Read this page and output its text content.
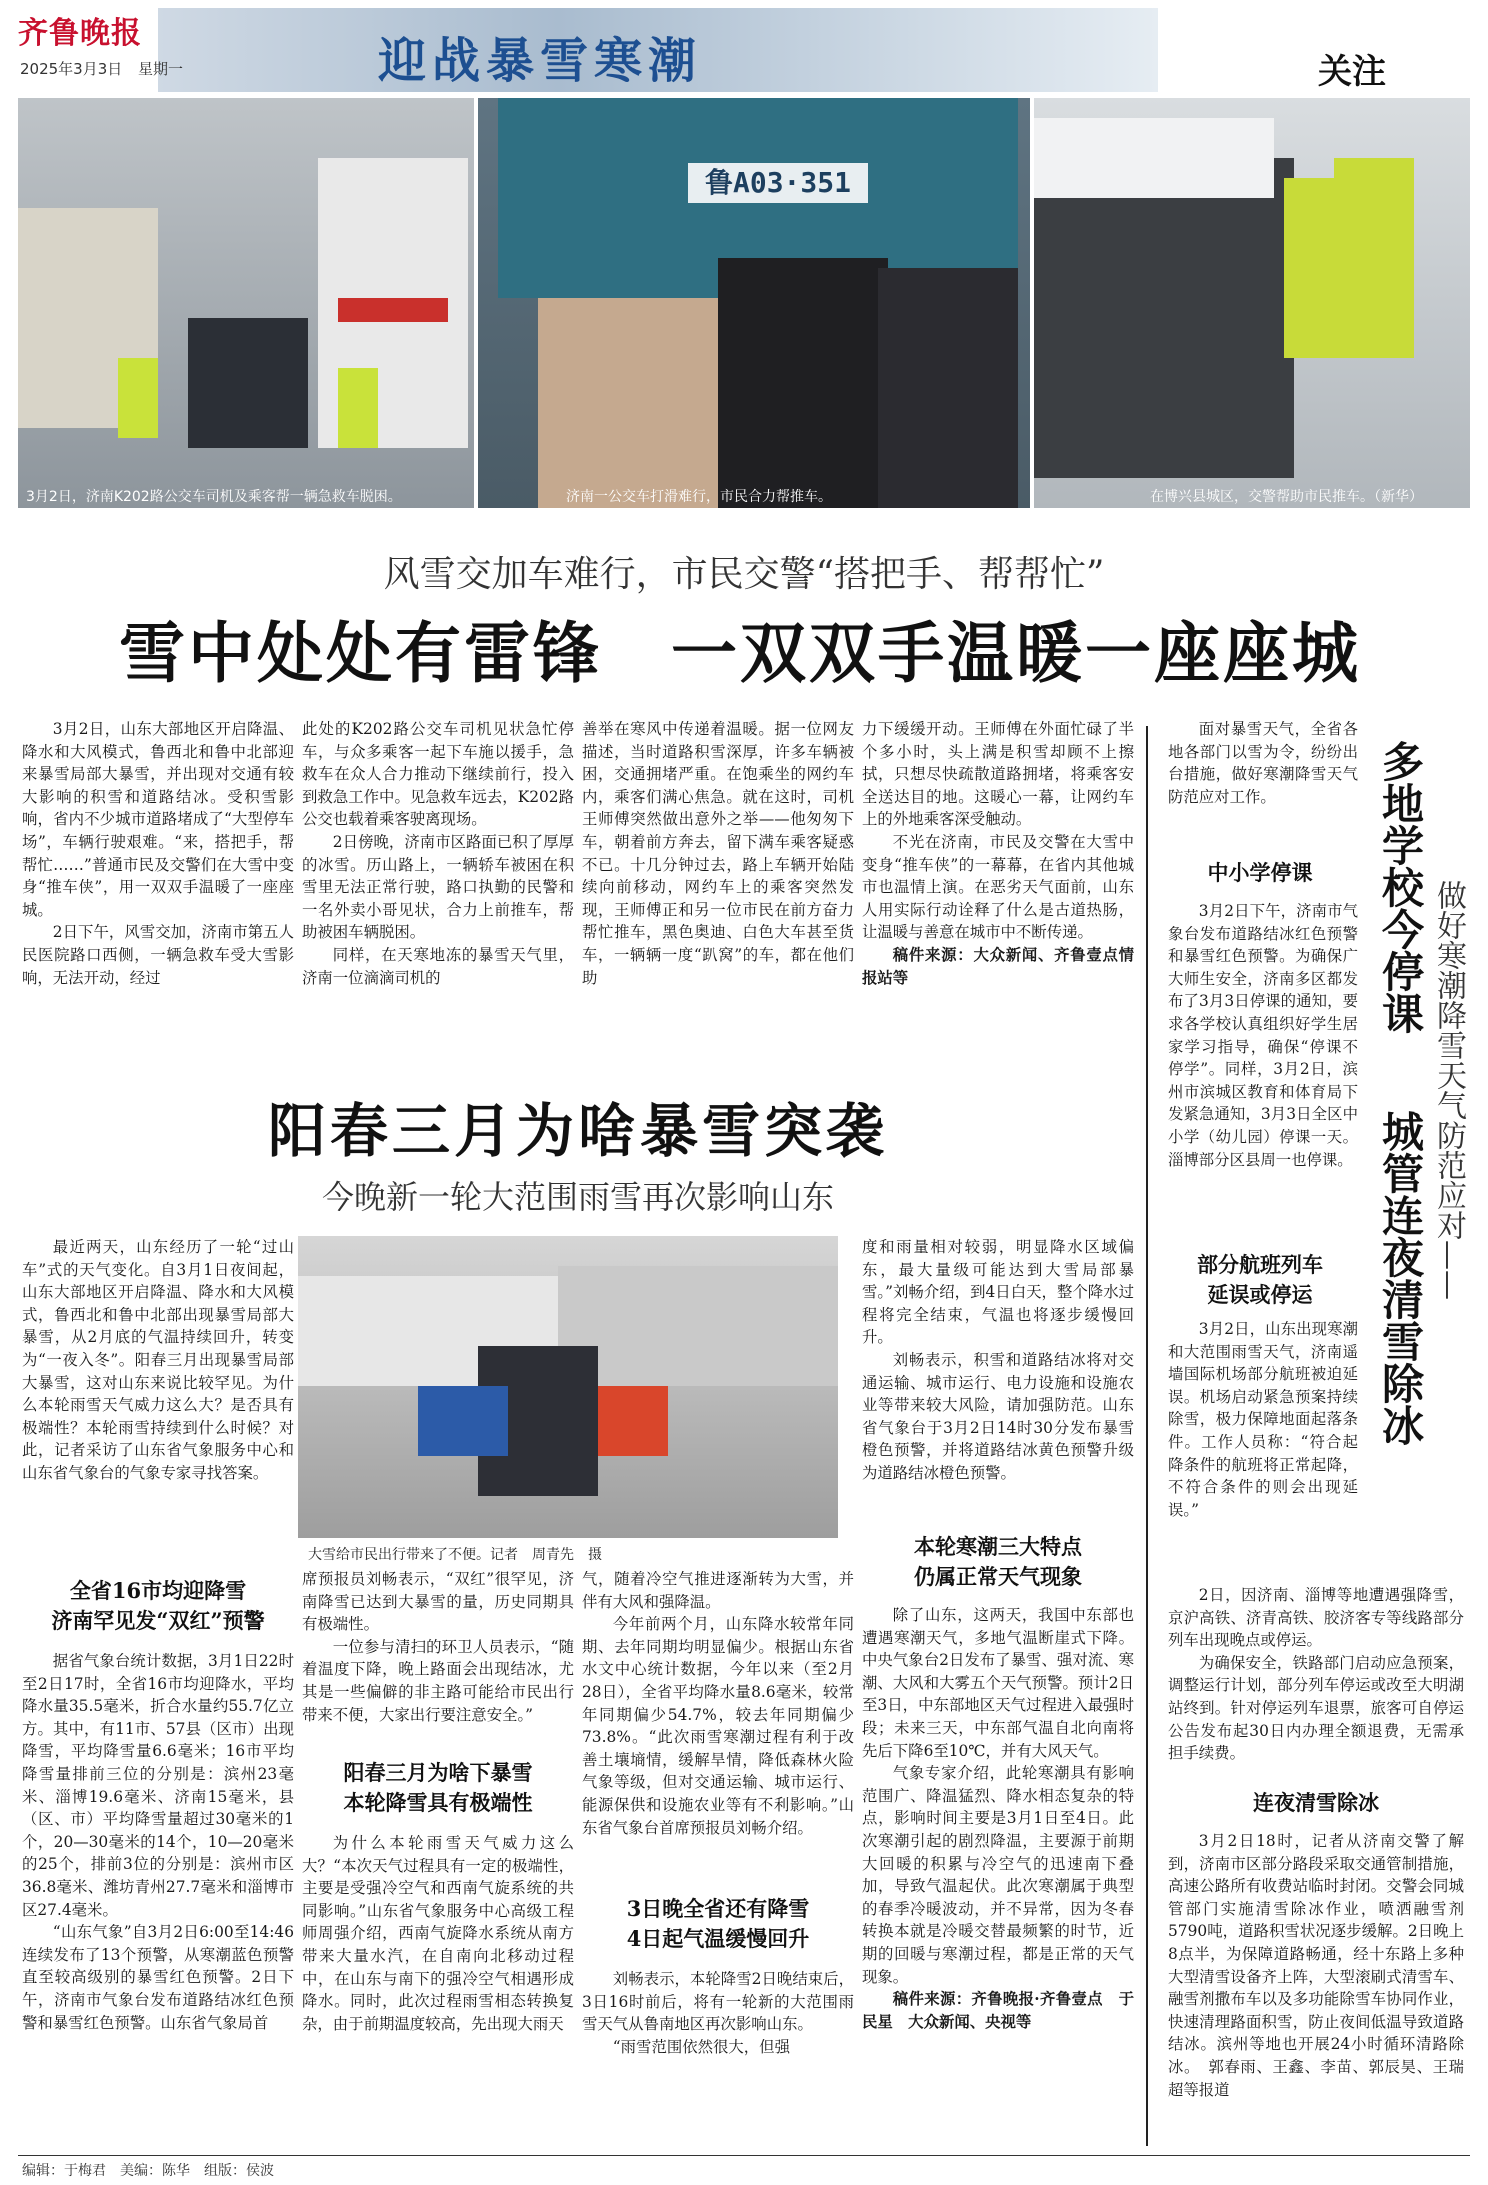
齐鲁晚报
2025年3月3日 星期一	迎战暴雪寒潮	关注
3月2日，济南K202路公交车司机及乘客帮一辆急救车脱困。
鲁A03·351
济南一公交车打滑难行，市民合力帮推车。	在博兴县城区，交警帮助市民推车。（新华）
风雪交加车难行，市民交警“搭把手、帮帮忙”
雪中处处有雷锋　一双双手温暖一座座城

3月2日，山东大部地区开启降温、降水和大风模式，鲁西北和鲁中北部迎来暴雪局部大暴雪，并出现对交通有较大影响的积雪和道路结冰。受积雪影响，省内不少城市道路堵成了“大型停车场”，车辆行驶艰难。“来，搭把手，帮帮忙……”普通市民及交警们在大雪中变身“推车侠”，用一双双手温暖了一座座城。

2日下午，风雪交加，济南市第五人民医院路口西侧，一辆急救车受大雪影响，无法开动，经过

此处的K202路公交车司机见状急忙停车，与众多乘客一起下车施以援手，急救车在众人合力推动下继续前行，投入到救急工作中。见急救车远去，K202路公交也载着乘客驶离现场。

2日傍晚，济南市区路面已积了厚厚的冰雪。历山路上，一辆轿车被困在积雪里无法正常行驶，路口执勤的民警和一名外卖小哥见状，合力上前推车，帮助被困车辆脱困。

同样，在天寒地冻的暴雪天气里，济南一位滴滴司机的

善举在寒风中传递着温暖。据一位网友描述，当时道路积雪深厚，许多车辆被困，交通拥堵严重。在饱乘坐的网约车内，乘客们满心焦急。就在这时，司机王师傅突然做出意外之举——他匆匆下车，朝着前方奔去，留下满车乘客疑惑不已。十几分钟过去，路上车辆开始陆续向前移动，网约车上的乘客突然发现，王师傅正和另一位市民在前方奋力帮忙推车，黑色奥迪、白色大车甚至货车，一辆辆一度“趴窝”的车，都在他们助

力下缓缓开动。王师傅在外面忙碌了半个多小时，头上满是积雪却顾不上擦拭，只想尽快疏散道路拥堵，将乘客安全送达目的地。这暖心一幕，让网约车上的外地乘客深受触动。

不光在济南，市民及交警在大雪中变身“推车侠”的一幕幕，在省内其他城市也温情上演。在恶劣天气面前，山东人用实际行动诠释了什么是古道热肠，让温暖与善意在城市中不断传递。

稿件来源：大众新闻、齐鲁壹点情报站等

面对暴雪天气，全省各地各部门以雪为令，纷纷出台措施，做好寒潮降雪天气防范应对工作。	多地学校今停课
城管连夜清雪除冰 做好寒潮降雪天气防范应对——
中小学停课

3月2日下午，济南市气象台发布道路结冰红色预警和暴雪红色预警。为确保广大师生安全，济南多区都发布了3月3日停课的通知，要求各学校认真组织好学生居家学习指导，确保“停课不停学”。同样，3月2日，滨州市滨城区教育和体育局下发紧急通知，3月3日全区中小学（幼儿园）停课一天。淄博部分区县周一也停课。

部分航班列车
延误或停运

3月2日，山东出现寒潮和大范围雨雪天气，济南遥墙国际机场部分航班被迫延误。机场启动紧急预案持续除雪，极力保障地面起落条件。工作人员称：“符合起降条件的航班将正常起降，不符合条件的则会出现延误。”

2日，因济南、淄博等地遭遇强降雪，京沪高铁、济青高铁、胶济客专等线路部分列车出现晚点或停运。

为确保安全，铁路部门启动应急预案，调整运行计划，部分列车停运或改至大明湖站终到。针对停运列车退票，旅客可自停运公告发布起30日内办理全额退费，无需承担手续费。

连夜清雪除冰

3月2日18时，记者从济南交警了解到，济南市区部分路段采取交通管制措施，高速公路所有收费站临时封闭。交警会同城管部门实施清雪除冰作业，喷洒融雪剂5790吨，道路积雪状况逐步缓解。2日晚上8点半，为保障道路畅通，经十东路上多种大型清雪设备齐上阵，大型滚刷式清雪车、融雪剂撒布车以及多功能除雪车协同作业，快速清理路面积雪，防止夜间低温导致道路结冰。滨州等地也开展24小时循环清路除冰。　郭春雨、王鑫、李苗、郭辰昊、王瑞超等报道

阳春三月为啥暴雪突袭
今晚新一轮大范围雨雪再次影响山东
大雪给市民出行带来了不便。记者　周青先　摄

最近两天，山东经历了一轮“过山车”式的天气变化。自3月1日夜间起，山东大部地区开启降温、降水和大风模式，鲁西北和鲁中北部出现暴雪局部大暴雪，从2月底的气温持续回升，转变为“一夜入冬”。阳春三月出现暴雪局部大暴雪，这对山东来说比较罕见。为什么本轮雨雪天气威力这么大？是否具有极端性？本轮雨雪持续到什么时候？对此，记者采访了山东省气象服务中心和山东省气象台的气象专家寻找答案。

全省16市均迎降雪
济南罕见发“双红”预警

据省气象台统计数据，3月1日22时至2日17时，全省16市均迎降水，平均降水量35.5毫米，折合水量约55.7亿立方。其中，有11市、57县（区市）出现降雪，平均降雪量6.6毫米；16市平均降雪量排前三位的分别是：滨州23毫米、淄博19.6毫米、济南15毫米，县（区、市）平均降雪量超过30毫米的1个，20—30毫米的14个，10—20毫米的25个，排前3位的分别是：滨州市区36.8毫米、潍坊青州27.7毫米和淄博市区27.4毫米。

“山东气象”自3月2日6:00至14:46连续发布了13个预警，从寒潮蓝色预警直至较高级别的暴雪红色预警。2日下午，济南市气象台发布道路结冰红色预警和暴雪红色预警。山东省气象局首

席预报员刘畅表示，“双红”很罕见，济南降雪已达到大暴雪的量，历史同期具有极端性。

一位参与清扫的环卫人员表示，“随着温度下降，晚上路面会出现结冰，尤其是一些偏僻的非主路可能给市民出行带来不便，大家出行要注意安全。”

阳春三月为啥下暴雪
本轮降雪具有极端性

为什么本轮雨雪天气威力这么大？“本次天气过程具有一定的极端性，主要是受强冷空气和西南气旋系统的共同影响。”山东省气象服务中心高级工程师周强介绍，西南气旋降水系统从南方带来大量水汽，在自南向北移动过程中，在山东与南下的强冷空气相遇形成降水。同时，此次过程雨雪相态转换复杂，由于前期温度较高，先出现大雨天

气，随着冷空气推进逐渐转为大雪，并伴有大风和强降温。

今年前两个月，山东降水较常年同期、去年同期均明显偏少。根据山东省水文中心统计数据，今年以来（至2月28日），全省平均降水量8.6毫米，较常年同期偏少54.7%，较去年同期偏少73.8%。“此次雨雪寒潮过程有利于改善土壤墒情，缓解旱情，降低森林火险气象等级，但对交通运输、城市运行、能源保供和设施农业等有不利影响。”山东省气象台首席预报员刘畅介绍。

3日晚全省还有降雪
4日起气温缓慢回升

刘畅表示，本轮降雪2日晚结束后，3日16时前后，将有一轮新的大范围雨雪天气从鲁南地区再次影响山东。

“雨雪范围依然很大，但强

度和雨量相对较弱，明显降水区域偏东，最大量级可能达到大雪局部暴雪。”刘畅介绍，到4日白天，整个降水过程将完全结束，气温也将逐步缓慢回升。

刘畅表示，积雪和道路结冰将对交通运输、城市运行、电力设施和设施农业等带来较大风险，请加强防范。山东省气象台于3月2日14时30分发布暴雪橙色预警，并将道路结冰黄色预警升级为道路结冰橙色预警。

本轮寒潮三大特点
仍属正常天气现象

除了山东，这两天，我国中东部也遭遇寒潮天气，多地气温断崖式下降。中央气象台2日发布了暴雪、强对流、寒潮、大风和大雾五个天气预警。预计2日至3日，中东部地区天气过程进入最强时段；未来三天，中东部气温自北向南将先后下降6至10℃，并有大风天气。

气象专家介绍，此轮寒潮具有影响范围广、降温猛烈、降水相态复杂的特点，影响时间主要是3月1日至4日。此次寒潮引起的剧烈降温，主要源于前期大回暖的积累与冷空气的迅速南下叠加，导致气温起伏。此次寒潮属于典型的春季冷暖波动，并不异常，因为冬春转换本就是冷暖交替最频繁的时节，近期的回暖与寒潮过程，都是正常的天气现象。

稿件来源：齐鲁晚报·齐鲁壹点　于民星　大众新闻、央视等

编辑：于梅君　美编：陈华　组版：侯波
